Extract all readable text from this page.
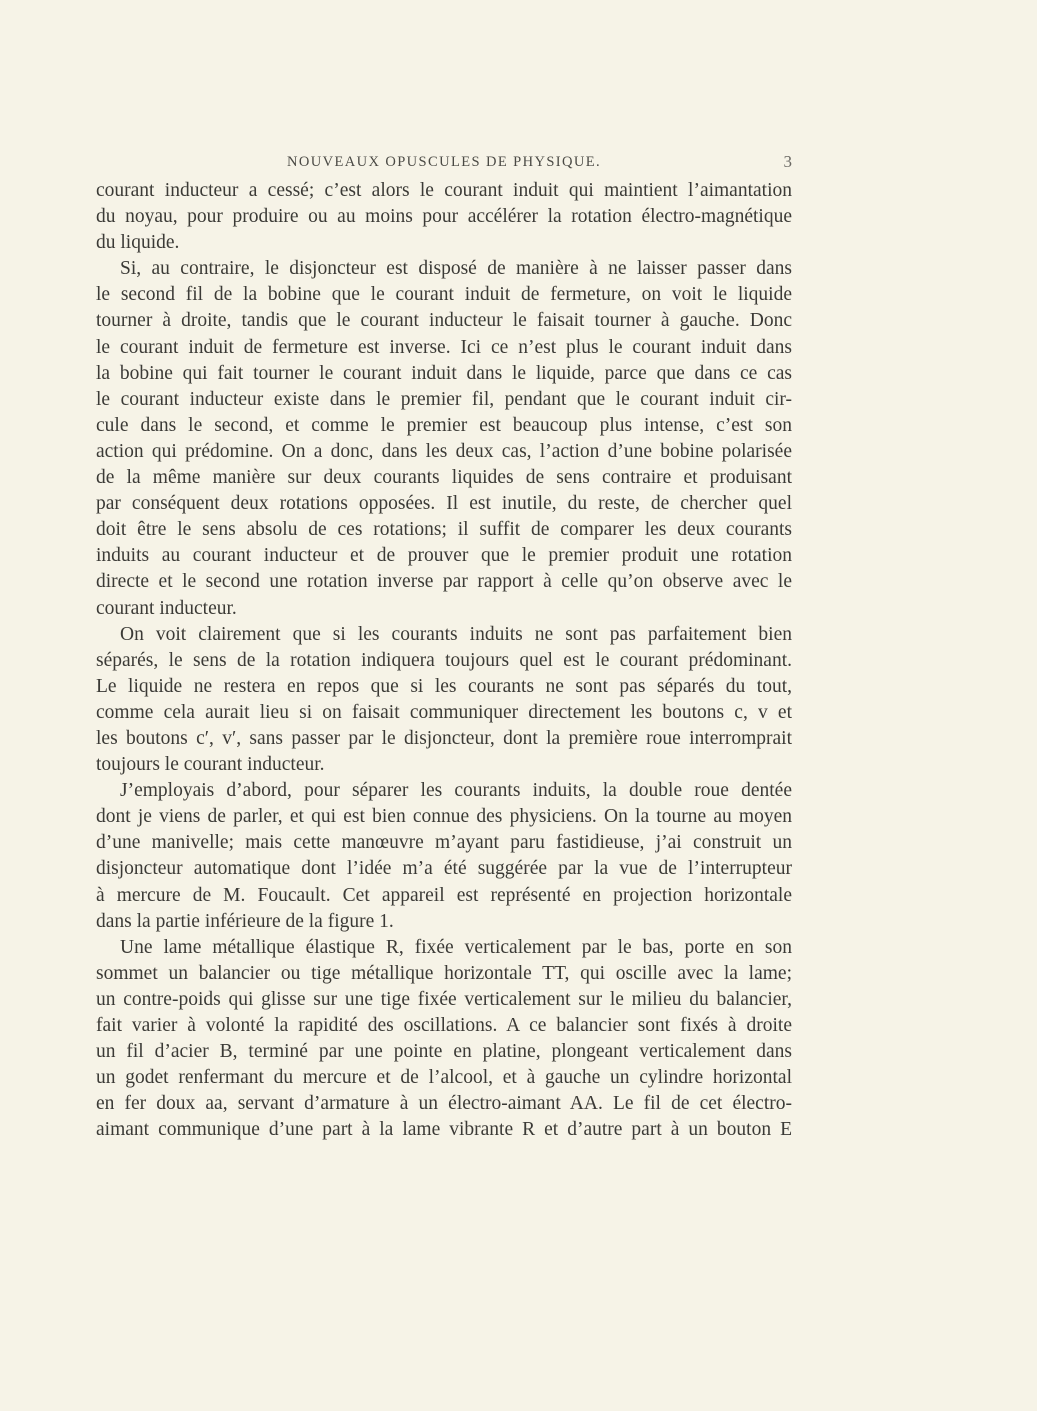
NOUVEAUX OPUSCULES DE PHYSIQUE.	3
courant inducteur a cessé; c’est alors le courant induit qui maintient l’aimantation
du noyau, pour produire ou au moins pour accélérer la rotation électro-magnétique
du liquide.
Si, au contraire, le disjoncteur est disposé de manière à ne laisser passer dans
le second fil de la bobine que le courant induit de fermeture, on voit le liquide
tourner à droite, tandis que le courant inducteur le faisait tourner à gauche. Donc
le courant induit de fermeture est inverse. Ici ce n’est plus le courant induit dans
la bobine qui fait tourner le courant induit dans le liquide, parce que dans ce cas
le courant inducteur existe dans le premier fil, pendant que le courant induit cir-
cule dans le second, et comme le premier est beaucoup plus intense, c’est son
action qui prédomine. On a donc, dans les deux cas, l’action d’une bobine polarisée
de la même manière sur deux courants liquides de sens contraire et produisant
par conséquent deux rotations opposées. Il est inutile, du reste, de chercher quel
doit être le sens absolu de ces rotations; il suffit de comparer les deux courants
induits au courant inducteur et de prouver que le premier produit une rotation
directe et le second une rotation inverse par rapport à celle qu’on observe avec le
courant inducteur.
On voit clairement que si les courants induits ne sont pas parfaitement bien
séparés, le sens de la rotation indiquera toujours quel est le courant prédominant.
Le liquide ne restera en repos que si les courants ne sont pas séparés du tout,
comme cela aurait lieu si on faisait communiquer directement les boutons c, v et
les boutons c′, v′, sans passer par le disjoncteur, dont la première roue interromprait
toujours le courant inducteur.
J’employais d’abord, pour séparer les courants induits, la double roue dentée
dont je viens de parler, et qui est bien connue des physiciens. On la tourne au moyen
d’une manivelle; mais cette manœuvre m’ayant paru fastidieuse, j’ai construit un
disjoncteur automatique dont l’idée m’a été suggérée par la vue de l’interrupteur
à mercure de M. Foucault. Cet appareil est représenté en projection horizontale
dans la partie inférieure de la figure 1.
Une lame métallique élastique R, fixée verticalement par le bas, porte en son
sommet un balancier ou tige métallique horizontale TT, qui oscille avec la lame;
un contre-poids qui glisse sur une tige fixée verticalement sur le milieu du balancier,
fait varier à volonté la rapidité des oscillations. A ce balancier sont fixés à droite
un fil d’acier B, terminé par une pointe en platine, plongeant verticalement dans
un godet renfermant du mercure et de l’alcool, et à gauche un cylindre horizontal
en fer doux aa, servant d’armature à un électro-aimant AA. Le fil de cet électro-
aimant communique d’une part à la lame vibrante R et d’autre part à un bouton E
